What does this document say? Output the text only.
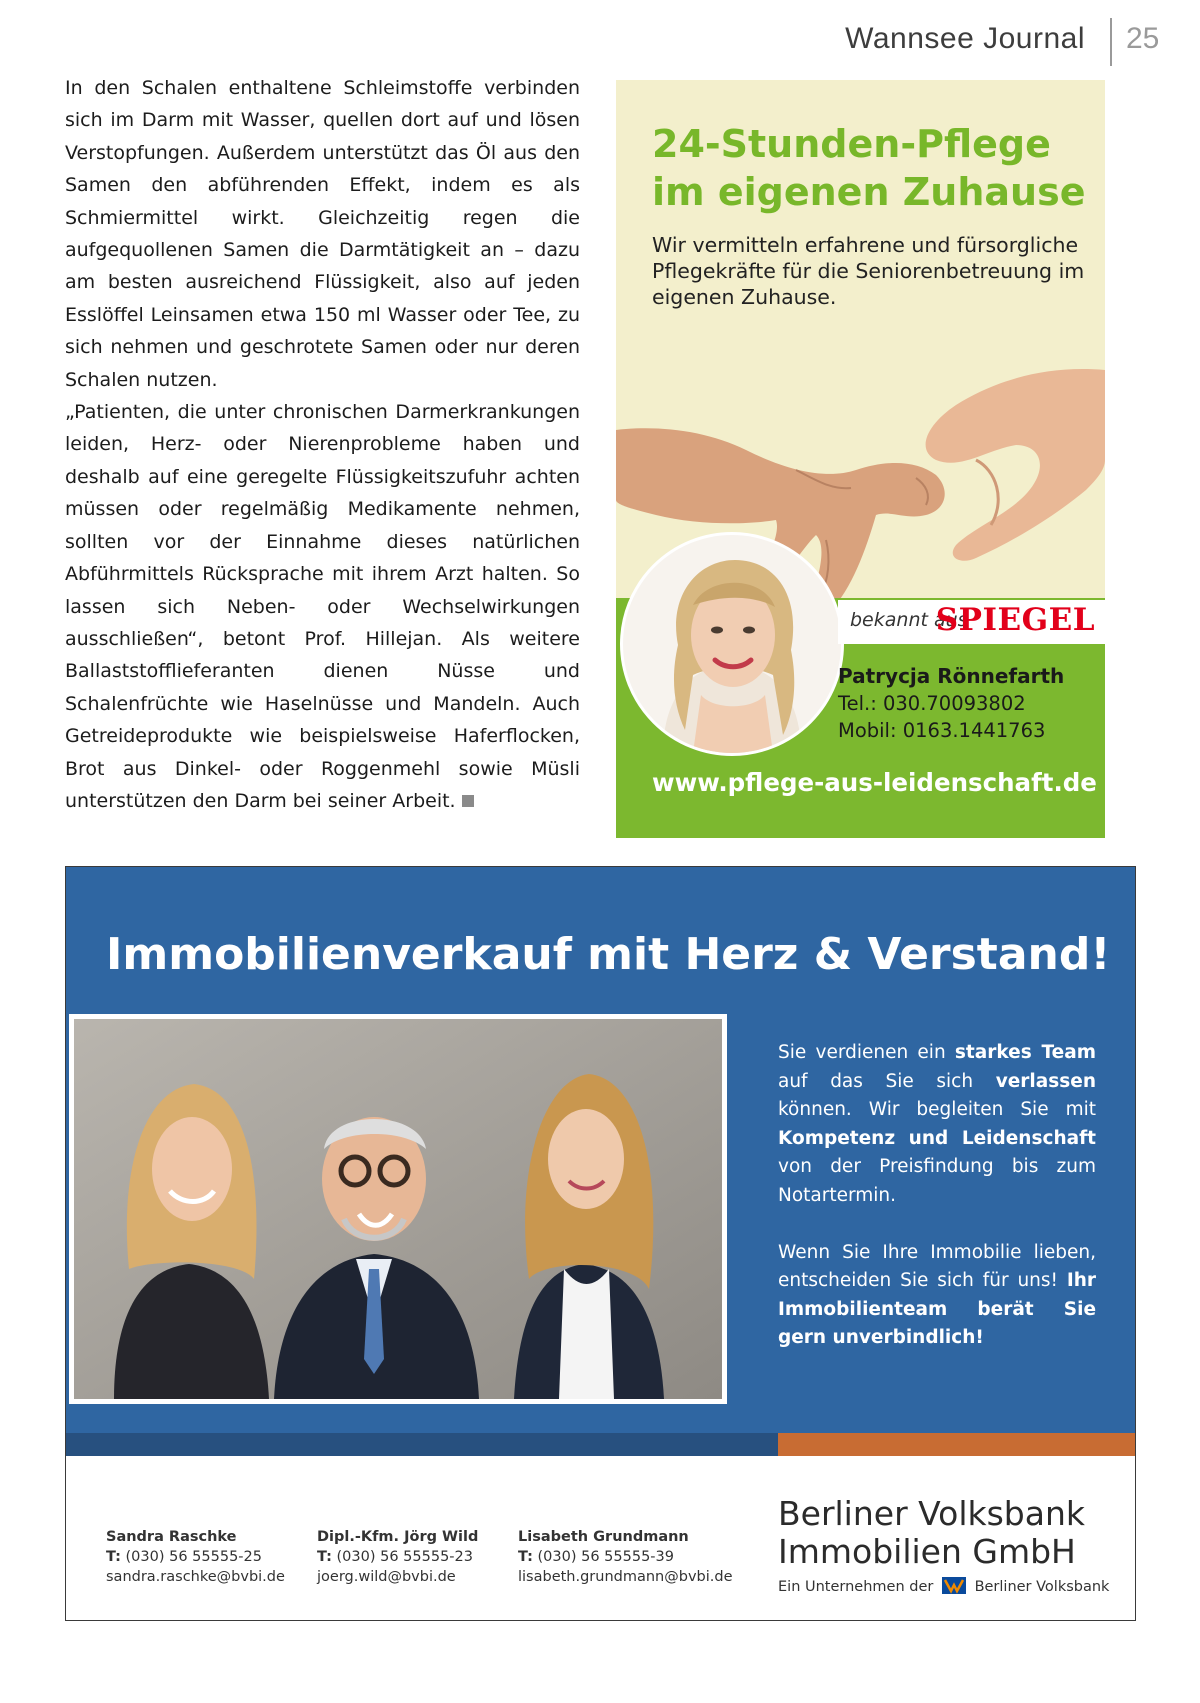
Wannsee Journal 25

In den Schalen enthaltene Schleimstoffe verbinden sich im Darm mit Wasser, quellen dort auf und lösen Verstopfungen. Außerdem unterstützt das Öl aus den Samen den abführenden Effekt, indem es als Schmiermittel wirkt. Gleichzeitig regen die aufgequollenen Samen die Darmtätigkeit an – dazu am besten ausreichend Flüssigkeit, also auf jeden Esslöffel Leinsamen etwa 150 ml Wasser oder Tee, zu sich nehmen und geschrotete Samen oder nur deren Schalen nutzen.

„Patienten, die unter chronischen Darmerkrankungen leiden, Herz- oder Nierenprobleme haben und deshalb auf eine geregelte Flüssigkeitszufuhr achten müssen oder regelmäßig Medikamente nehmen, sollten vor der Einnahme dieses natürlichen Abführmittels Rücksprache mit ihrem Arzt halten. So lassen sich Neben- oder Wechselwirkungen ausschließen“, betont Prof. Hillejan. Als weitere Ballaststofflieferanten dienen Nüsse und Schalenfrüchte wie Haselnüsse und Mandeln. Auch Getreideprodukte wie beispielsweise Haferflocken, Brot aus Dinkel- oder Roggenmehl sowie Müsli unterstützen den Darm bei seiner Arbeit.

24-Stunden-Pflege
im eigenen Zuhause

Wir vermitteln erfahrene und fürsorgliche Pflegekräfte für die Seniorenbetreuung im eigenen Zuhause.

bekannt aus
SPIEGEL
Patrycja Rönnefarth
Tel.: 030.70093802
Mobil: 0163.1441763
www.pflege-aus-leidenschaft.de
Immobilienverkauf mit Herz & Verstand!

Sie verdienen ein starkes Team auf das Sie sich verlassen können. Wir begleiten Sie mit Kompetenz und Leidenschaft von der Preisfindung bis zum Notartermin.

Wenn Sie Ihre Immobilie lieben, entscheiden Sie sich für uns! Ihr Immobilienteam berät Sie gern unverbindlich!

Sandra Raschke
T: (030) 56 55555-25
sandra.raschke@bvbi.de
Dipl.-Kfm. Jörg Wild
T: (030) 56 55555-23
joerg.wild@bvbi.de
Lisabeth Grundmann
T: (030) 56 55555-39
lisabeth.grundmann@bvbi.de
Berliner Volksbank
Immobilien GmbH
Ein Unternehmen der	Berliner Volksbank
